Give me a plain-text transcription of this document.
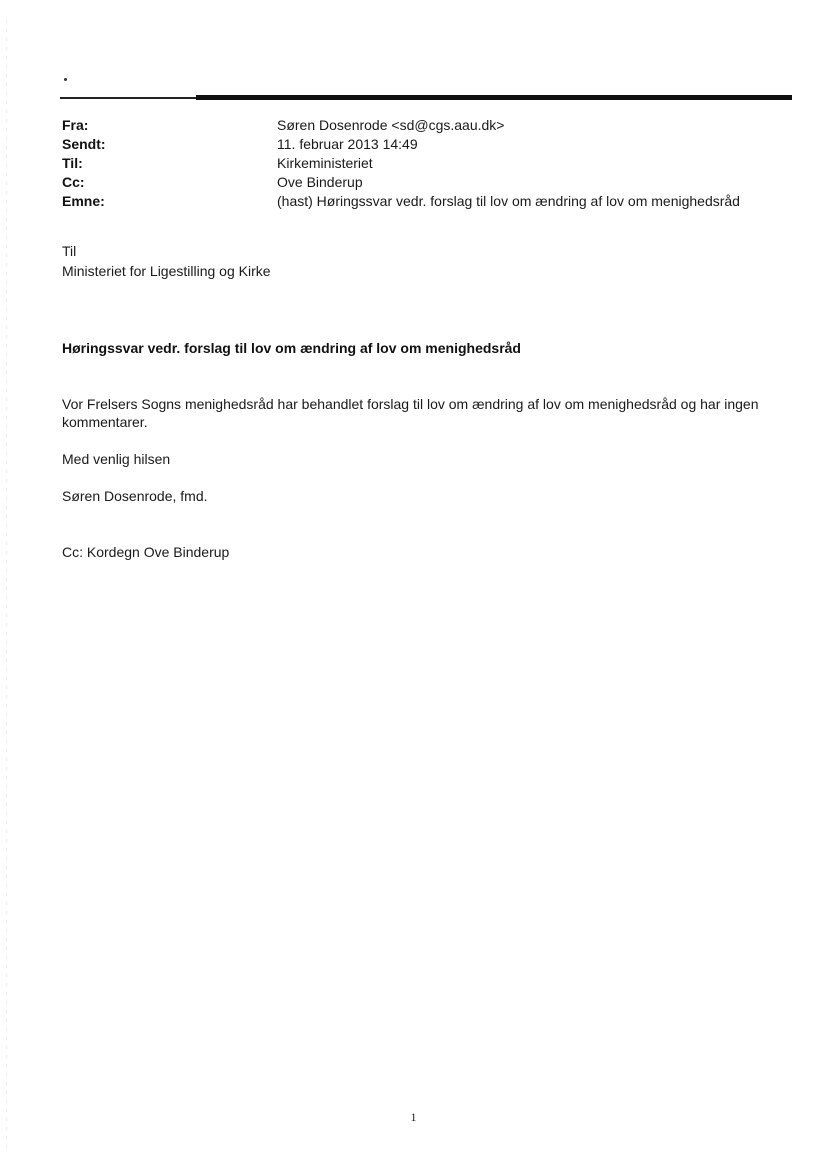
Fra:	Søren Dosenrode <sd@cgs.aau.dk>
Sendt:	11. februar 2013 14:49
Til:	Kirkeministeriet
Cc:	Ove Binderup
Emne:	(hast) Høringssvar vedr. forslag til lov om ændring af lov om menighedsråd
Til
Ministeriet for Ligestilling og Kirke
Høringssvar vedr. forslag til lov om ændring af lov om menighedsråd
Vor Frelsers Sogns menighedsråd har behandlet forslag til lov om ændring af lov om menighedsråd og har ingen
kommentarer.
Med venlig hilsen
Søren Dosenrode, fmd.
Cc: Kordegn Ove Binderup
1
